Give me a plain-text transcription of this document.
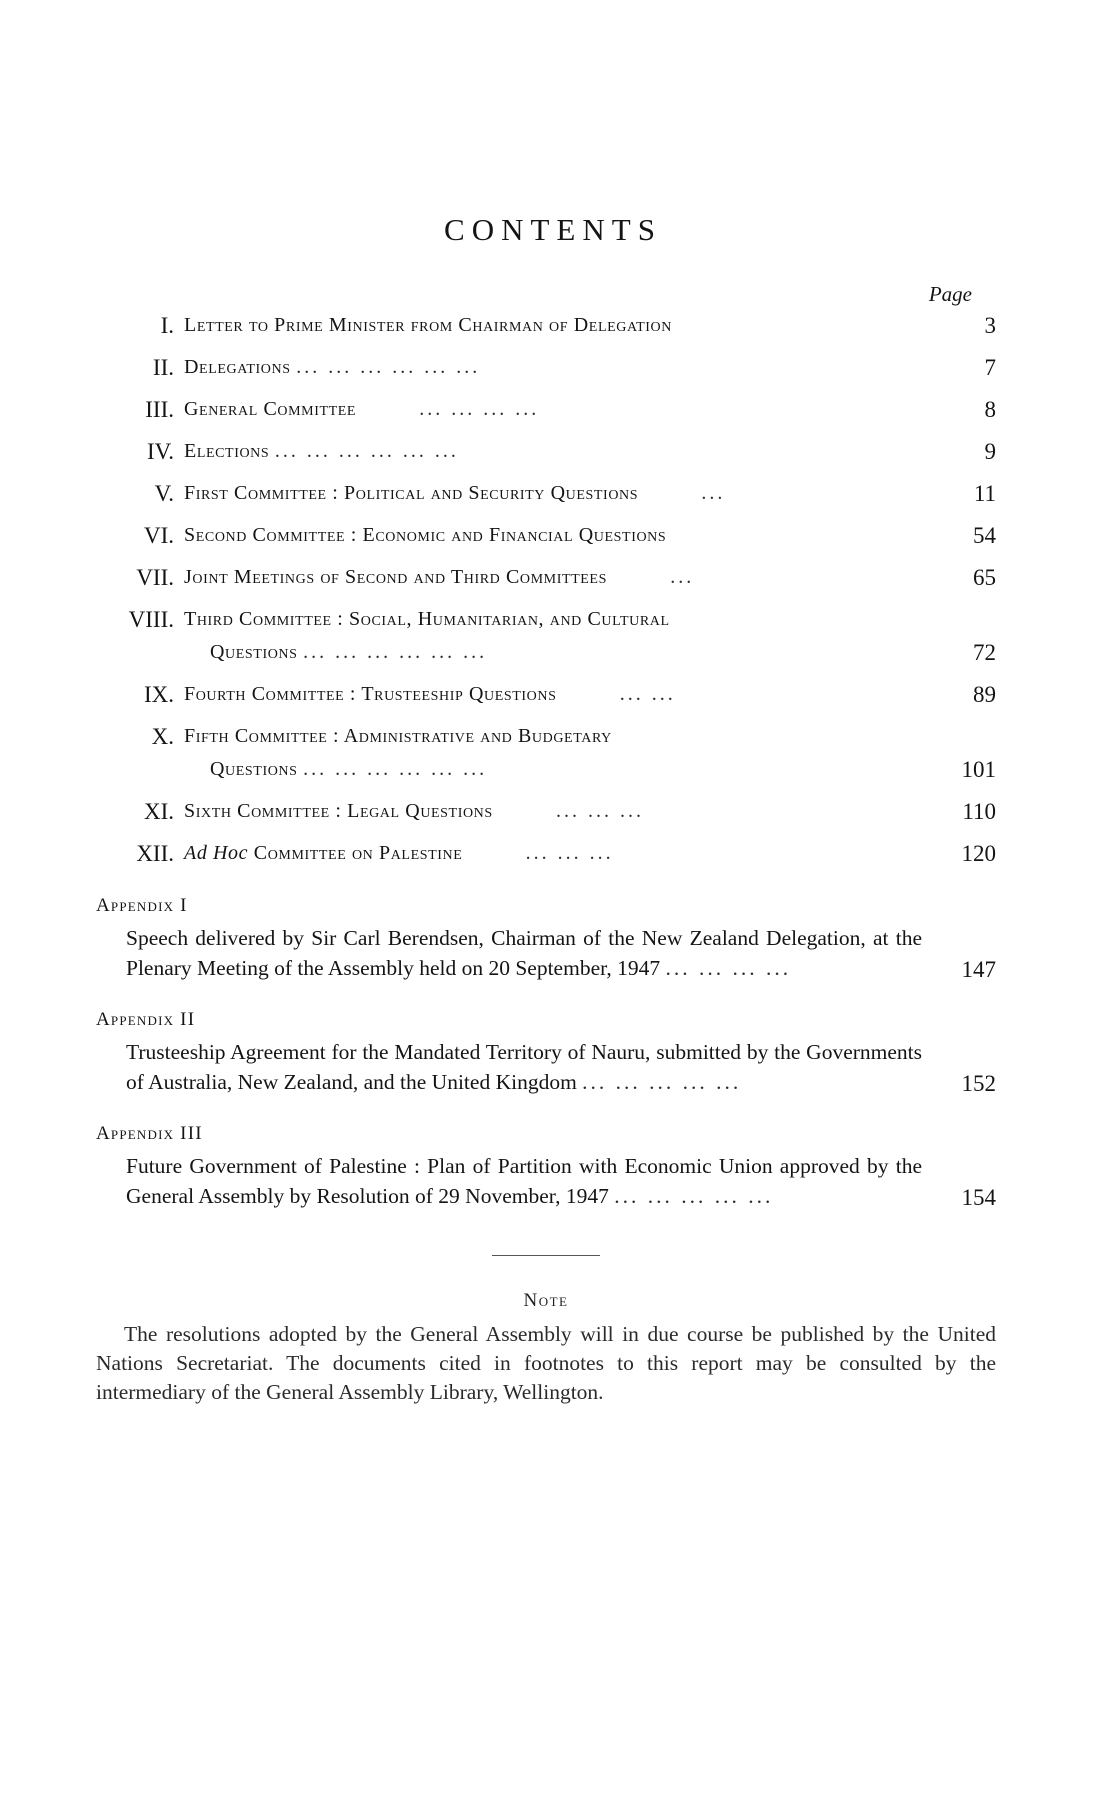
CONTENTS
Page
I. Letter to Prime Minister from Chairman of Delegation	3
II. Delegations ... ... ... ... ... ...	7
III. General Committee	... ... ... ...	8
IV. Elections ... ... ... ... ... ...	9
V. First Committee : Political and Security Questions	...	11
VI. Second Committee : Economic and Financial Questions	54
VII. Joint Meetings of Second and Third Committees	...	65
VIII. Third Committee : Social, Humanitarian, and Cultural
Questions ... ... ... ... ... ...	72
IX. Fourth Committee : Trusteeship Questions	... ...	89
X. Fifth Committee : Administrative and Budgetary
Questions ... ... ... ... ... ...	101
XI. Sixth Committee : Legal Questions	... ... ...	110
XII. Ad Hoc Committee on Palestine	... ... ...	120
Appendix I
Speech delivered by Sir Carl Berendsen, Chairman of the New Zealand Delegation, at the Plenary Meeting of the Assembly held on 20 September, 1947 ... ... ... ...	147
Appendix II
Trusteeship Agreement for the Mandated Territory of Nauru, submitted by the Governments of Australia, New Zealand, and the United Kingdom ... ... ... ... ...	152
Appendix III
Future Government of Palestine : Plan of Partition with Economic Union approved by the General Assembly by Resolution of 29 November, 1947 ... ... ... ... ...	154
Note
The resolutions adopted by the General Assembly will in due course be published by the United Nations Secretariat. The documents cited in footnotes to this report may be consulted by the intermediary of the General Assembly Library, Wellington.
